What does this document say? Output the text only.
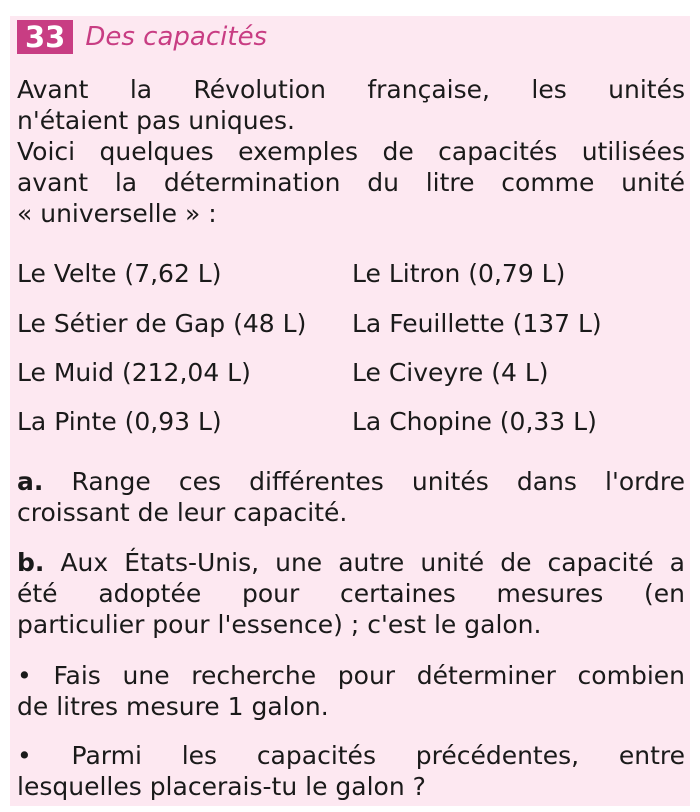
33 Des capacités
Avant la Révolution française, les unités
n'étaient pas uniques.
Voici quelques exemples de capacités utilisées
avant la détermination du litre comme unité
« universelle » :
Le Velte (7,62 L)	Le Litron (0,79 L)
Le Sétier de Gap (48 L) La Feuillette (137 L)
Le Muid (212,04 L)	Le Civeyre (4 L)
La Pinte (0,93 L)	La Chopine (0,33 L)
a. Range ces différentes unités dans l'ordre
croissant de leur capacité.
b. Aux États-Unis, une autre unité de capacité a
été adoptée pour certaines mesures (en
particulier pour l'essence) ; c'est le galon.
• Fais une recherche pour déterminer combien
de litres mesure 1 galon.
• Parmi les capacités précédentes, entre
lesquelles placerais-tu le galon ?
